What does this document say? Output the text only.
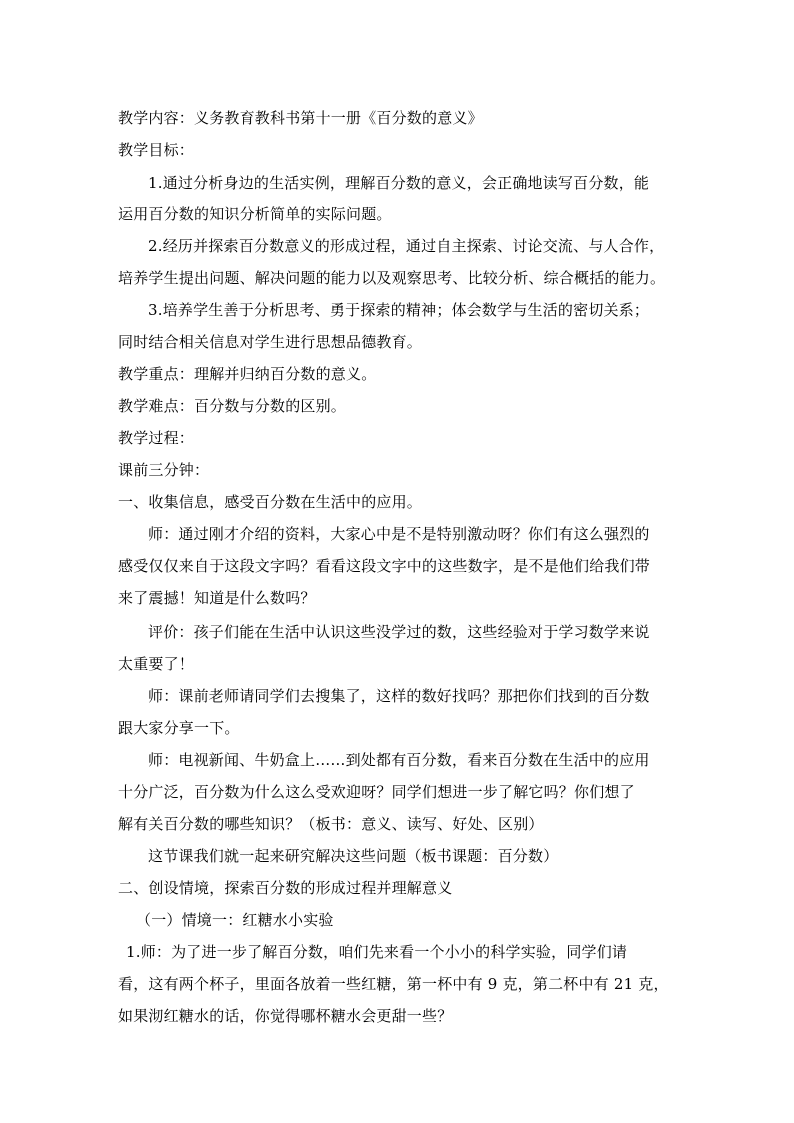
教学内容：义务教育教科书第十一册《百分数的意义》
教学目标：
1.通过分析身边的生活实例，理解百分数的意义，会正确地读写百分数，能
运用百分数的知识分析简单的实际问题。
2.经历并探索百分数意义的形成过程，通过自主探索、讨论交流、与人合作，
培养学生提出问题、解决问题的能力以及观察思考、比较分析、综合概括的能力。
3.培养学生善于分析思考、勇于探索的精神；体会数学与生活的密切关系；
同时结合相关信息对学生进行思想品德教育。
教学重点：理解并归纳百分数的意义。
教学难点：百分数与分数的区别。
教学过程：
课前三分钟：
一、收集信息，感受百分数在生活中的应用。
师：通过刚才介绍的资料，大家心中是不是特别激动呀？你们有这么强烈的
感受仅仅来自于这段文字吗？看看这段文字中的这些数字，是不是他们给我们带
来了震撼！知道是什么数吗？
评价：孩子们能在生活中认识这些没学过的数，这些经验对于学习数学来说
太重要了！
师：课前老师请同学们去搜集了，这样的数好找吗？那把你们找到的百分数
跟大家分享一下。
师：电视新闻、牛奶盒上……到处都有百分数，看来百分数在生活中的应用
十分广泛，百分数为什么这么受欢迎呀？同学们想进一步了解它吗？你们想了
解有关百分数的哪些知识？（板书：意义、读写、好处、区别）
这节课我们就一起来研究解决这些问题（板书课题：百分数）
二、创设情境，探索百分数的形成过程并理解意义
（一）情境一：红糖水小实验
1.师：为了进一步了解百分数，咱们先来看一个小小的科学实验，同学们请
看，这有两个杯子，里面各放着一些红糖，第一杯中有 9 克，第二杯中有 21 克，
如果沏红糖水的话，你觉得哪杯糖水会更甜一些？
